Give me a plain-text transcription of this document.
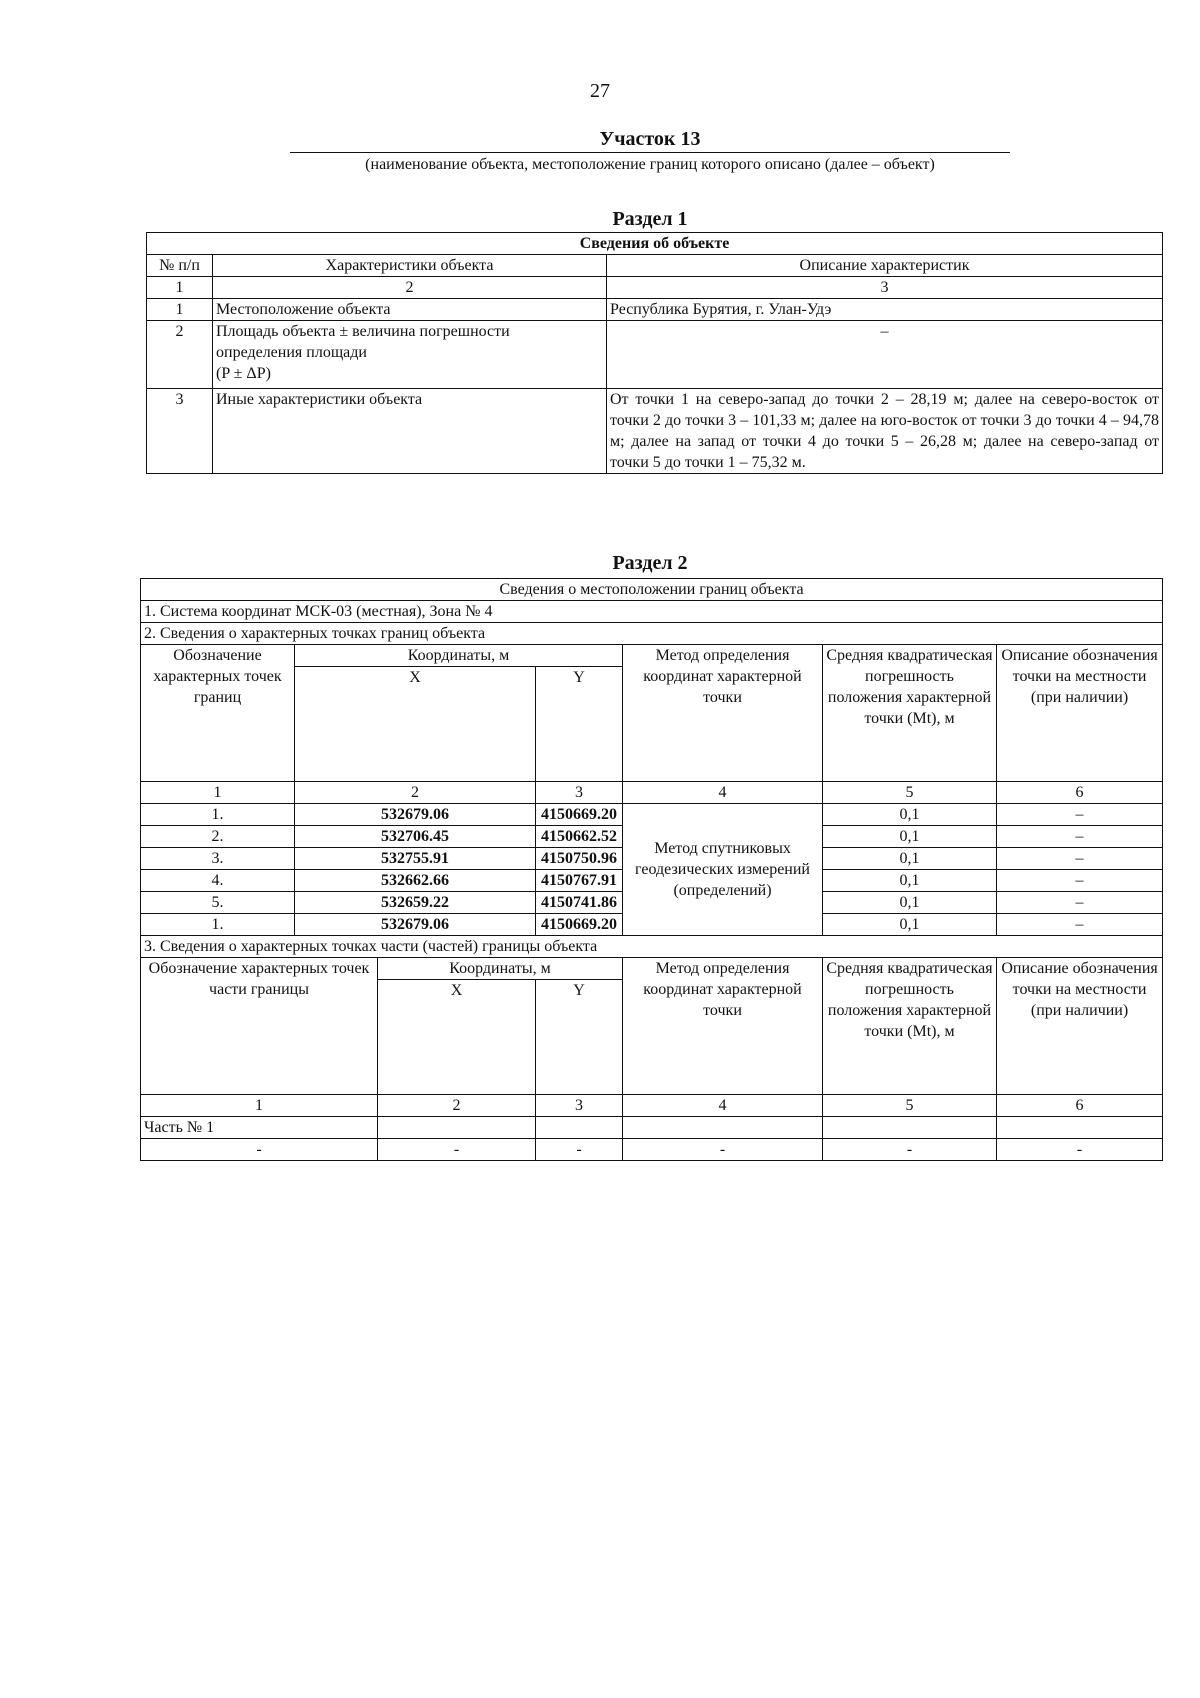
27
Участок 13
(наименование объекта, местоположение границ которого описано (далее – объект)
Раздел 1
Сведения об объекте		
№ п/п	Характеристики объекта	Описание характеристик
1	2	3
1	Местоположение объекта	Республика Бурятия, г. Улан-Удэ
2	Площадь объекта ± величина погрешности
определения площади
(P ± ΔP)	–
3	Иные характеристики объекта	От точки 1 на северо-запад до точки 2 – 28,19 м; далее на северо-восток от точки 2 до точки 3 – 101,33 м; далее на юго-восток от точки 3 до точки 4 – 94,78 м; далее на запад от точки 4 до точки 5 – 26,28 м; далее на северо-запад от точки 5 до точки 1 – 75,32 м.
Раздел 2
Сведения о местоположении границ объекта						
1. Система координат МСК-03 (местная), Зона № 4						
2. Сведения о характерных точках границ объекта						
Обозначение характерных точек границ	Координаты, м			Метод определения координат характерной точки	Средняя квадратическая погрешность положения характерной точки (Mt), м	Описание обозначения точки на местности (при наличии)
	X		Y			
1	2		3	4	5	6
1.	532679.06		4150669.20	Метод спутниковых геодезических измерений (определений)	0,1	–
2.	532706.45		4150662.52		0,1	–
3.	532755.91		4150750.96		0,1	–
4.	532662.66		4150767.91		0,1	–
5.	532659.22		4150741.86		0,1	–
1.	532679.06		4150669.20		0,1	–
3. Сведения о характерных точках части (частей) границы объекта						
Обозначение характерных точек части границы		Координаты, м		Метод определения координат характерной точки	Средняя квадратическая погрешность положения характерной точки (Mt), м	Описание обозначения точки на местности (при наличии)
		X	Y			
1		2	3	4	5	6
Часть № 1						
-		-	-	-	-	-
